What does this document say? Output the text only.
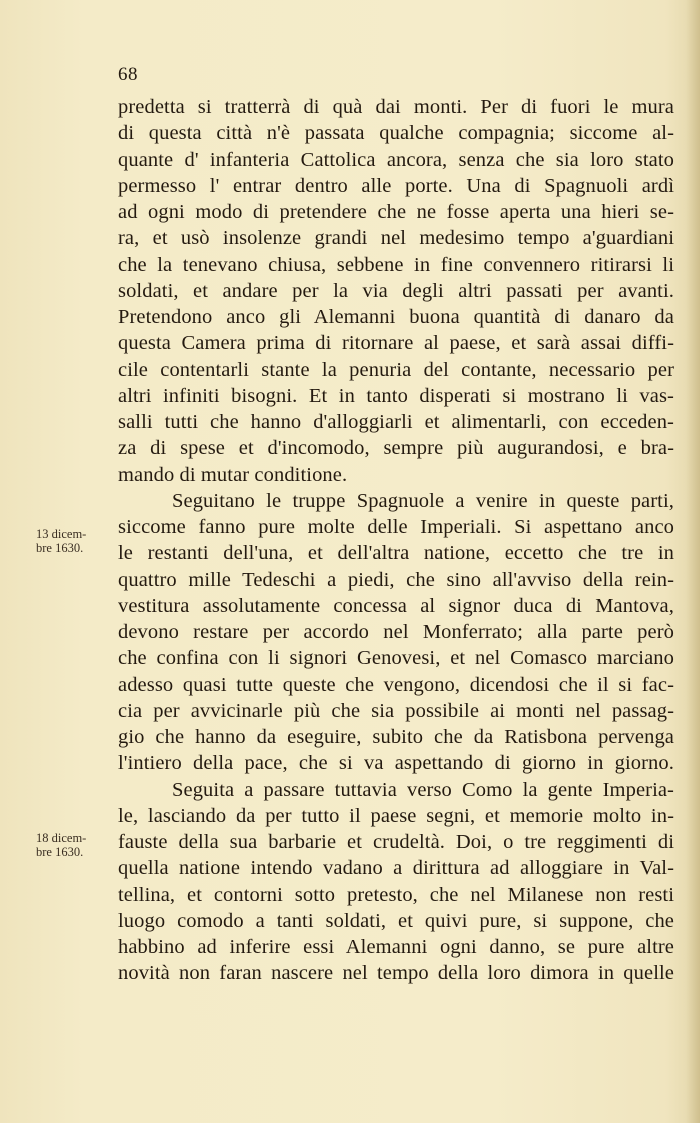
68
13 dicem-
bre 1630.
18 dicem-
bre 1630.
predetta si tratterrà di quà dai monti. Per di fuori le mura
di questa città n'è passata qualche compagnia; siccome al-
quante d' infanteria Cattolica ancora, senza che sia loro stato
permesso l' entrar dentro alle porte. Una di Spagnuoli ardì
ad ogni modo di pretendere che ne fosse aperta una hieri se-
ra, et usò insolenze grandi nel medesimo tempo a'guardiani
che la tenevano chiusa, sebbene in fine convennero ritirarsi li
soldati, et andare per la via degli altri passati per avanti.
Pretendono anco gli Alemanni buona quantità di danaro da
questa Camera prima di ritornare al paese, et sarà assai diffi-
cile contentarli stante la penuria del contante, necessario per
altri infiniti bisogni. Et in tanto disperati si mostrano li vas-
salli tutti che hanno d'alloggiarli et alimentarli, con ecceden-
za di spese et d'incomodo, sempre più augurandosi, e bra-
mando di mutar conditione.
Seguitano le truppe Spagnuole a venire in queste parti,
siccome fanno pure molte delle Imperiali. Si aspettano anco
le restanti dell'una, et dell'altra natione, eccetto che tre in
quattro mille Tedeschi a piedi, che sino all'avviso della rein-
vestitura assolutamente concessa al signor duca di Mantova,
devono restare per accordo nel Monferrato; alla parte però
che confina con li signori Genovesi, et nel Comasco marciano
adesso quasi tutte queste che vengono, dicendosi che il si fac-
cia per avvicinarle più che sia possibile ai monti nel passag-
gio che hanno da eseguire, subito che da Ratisbona pervenga
l'intiero della pace, che si va aspettando di giorno in giorno.
Seguita a passare tuttavia verso Como la gente Imperia-
le, lasciando da per tutto il paese segni, et memorie molto in-
fauste della sua barbarie et crudeltà. Doi, o tre reggimenti di
quella natione intendo vadano a dirittura ad alloggiare in Val-
tellina, et contorni sotto pretesto, che nel Milanese non resti
luogo comodo a tanti soldati, et quivi pure, si suppone, che
habbino ad inferire essi Alemanni ogni danno, se pure altre
novità non faran nascere nel tempo della loro dimora in quelle
